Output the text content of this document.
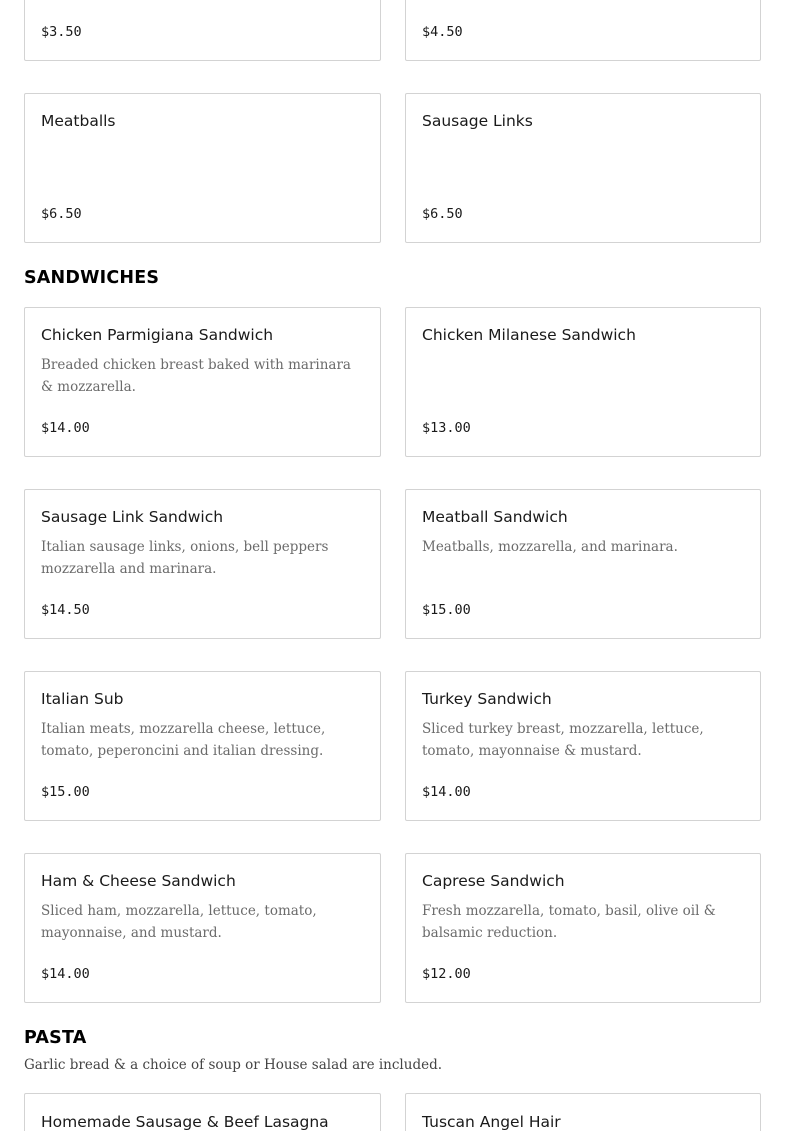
$3.50	$4.50
Meatballs
$6.50
Sausage Links
$6.50
SANDWICHES
Chicken Parmigiana Sandwich
Breaded chicken breast baked with marinara & mozzarella.
$14.00
Chicken Milanese Sandwich
$13.00
Sausage Link Sandwich
Italian sausage links, onions, bell peppers mozzarella and marinara.
$14.50
Meatball Sandwich
Meatballs, mozzarella, and marinara.
$15.00
Italian Sub
Italian meats, mozzarella cheese, lettuce, tomato, peperoncini and italian dressing.
$15.00
Turkey Sandwich
Sliced turkey breast, mozzarella, lettuce, tomato, mayonnaise & mustard.
$14.00
Ham & Cheese Sandwich
Sliced ham, mozzarella, lettuce, tomato, mayonnaise, and mustard.
$14.00
Caprese Sandwich
Fresh mozzarella, tomato, basil, olive oil & balsamic reduction.
$12.00
PASTA
Garlic bread & a choice of soup or House salad are included.
Homemade Sausage & Beef Lasagna	Tuscan Angel Hair
